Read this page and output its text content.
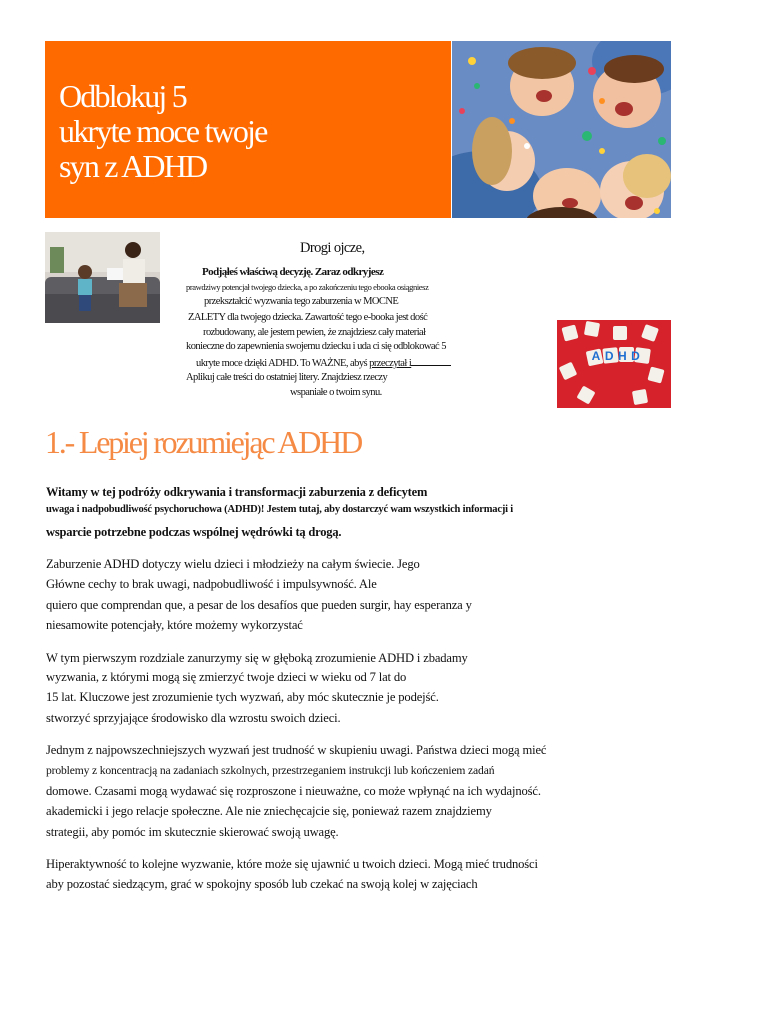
Odblokuj 5
ukryte moce twoje
syn z ADHD
Drogi ojcze,
Podjąłeś właściwą decyzję. Zaraz odkryjesz
prawdziwy potencjał twojego dziecka, a po zakończeniu tego ebooka osiągniesz
przekształcić wyzwania tego zaburzenia w MOCNE
ZALETY dla twojego dziecka. Zawartość tego e-booka jest dość
rozbudowany, ale jestem pewien, że znajdziesz cały materiał
konieczne do zapewnienia swojemu dziecku i uda ci się odblokować 5
ukryte moce dzięki ADHD. To WAŻNE, abyś przeczytał i
Aplikuj całe treści do ostatniej litery. Znajdziesz rzeczy
wspaniałe o twoim synu.
ADHD
1.- Lepiej rozumiejąc ADHD
Witamy w tej podróży odkrywania i transformacji zaburzenia z deficytem
uwaga i nadpobudliwość psychoruchowa (ADHD)! Jestem tutaj, aby dostarczyć wam wszystkich informacji i
wsparcie potrzebne podczas wspólnej wędrówki tą drogą.
Zaburzenie ADHD dotyczy wielu dzieci i młodzieży na całym świecie. Jego
Główne cechy to brak uwagi, nadpobudliwość i impulsywność. Ale
quiero que comprendan que, a pesar de los desafíos que pueden surgir, hay esperanza y
niesamowite potencjały, które możemy wykorzystać
W tym pierwszym rozdziale zanurzymy się w głęboką zrozumienie ADHD i zbadamy
wyzwania, z którymi mogą się zmierzyć twoje dzieci w wieku od 7 lat do
15 lat. Kluczowe jest zrozumienie tych wyzwań, aby móc skutecznie je podejść.
stworzyć sprzyjające środowisko dla wzrostu swoich dzieci.
Jednym z najpowszechniejszych wyzwań jest trudność w skupieniu uwagi. Państwa dzieci mogą mieć
problemy z koncentracją na zadaniach szkolnych, przestrzeganiem instrukcji lub kończeniem zadań
domowe. Czasami mogą wydawać się rozproszone i nieuważne, co może wpłynąć na ich wydajność.
akademicki i jego relacje społeczne. Ale nie zniechęcajcie się, ponieważ razem znajdziemy
strategii, aby pomóc im skutecznie skierować swoją uwagę.
Hiperaktywność to kolejne wyzwanie, które może się ujawnić u twoich dzieci. Mogą mieć trudności
aby pozostać siedzącym, grać w spokojny sposób lub czekać na swoją kolej w zajęciach
